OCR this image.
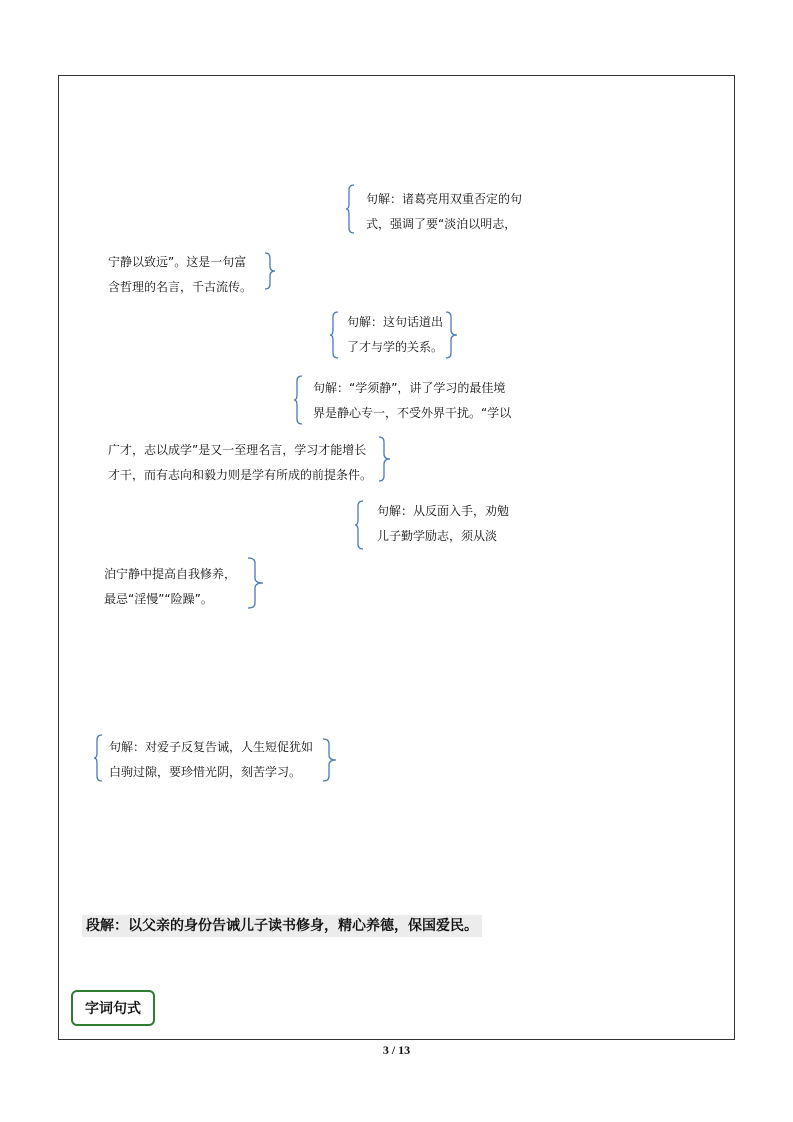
句解：诸葛亮用双重否定的句
式，强调了要“淡泊以明志，
宁静以致远”。这是一句富
含哲理的名言，千古流传。
句解：这句话道出
了才与学的关系。
句解：“学须静”，讲了学习的最佳境
界是静心专一，不受外界干扰。“学以
广才，志以成学”是又一至理名言，学习才能增长
才干，而有志向和毅力则是学有所成的前提条件。
句解：从反面入手，劝勉
儿子勤学励志，须从淡
泊宁静中提高自我修养，
最忌“淫慢”“险躁”。
句解：对爱子反复告诫，人生短促犹如
白驹过隙，要珍惜光阴，刻苦学习。
段解：以父亲的身份告诫儿子读书修身，精心养德，保国爱民。
字词句式
3 / 13
